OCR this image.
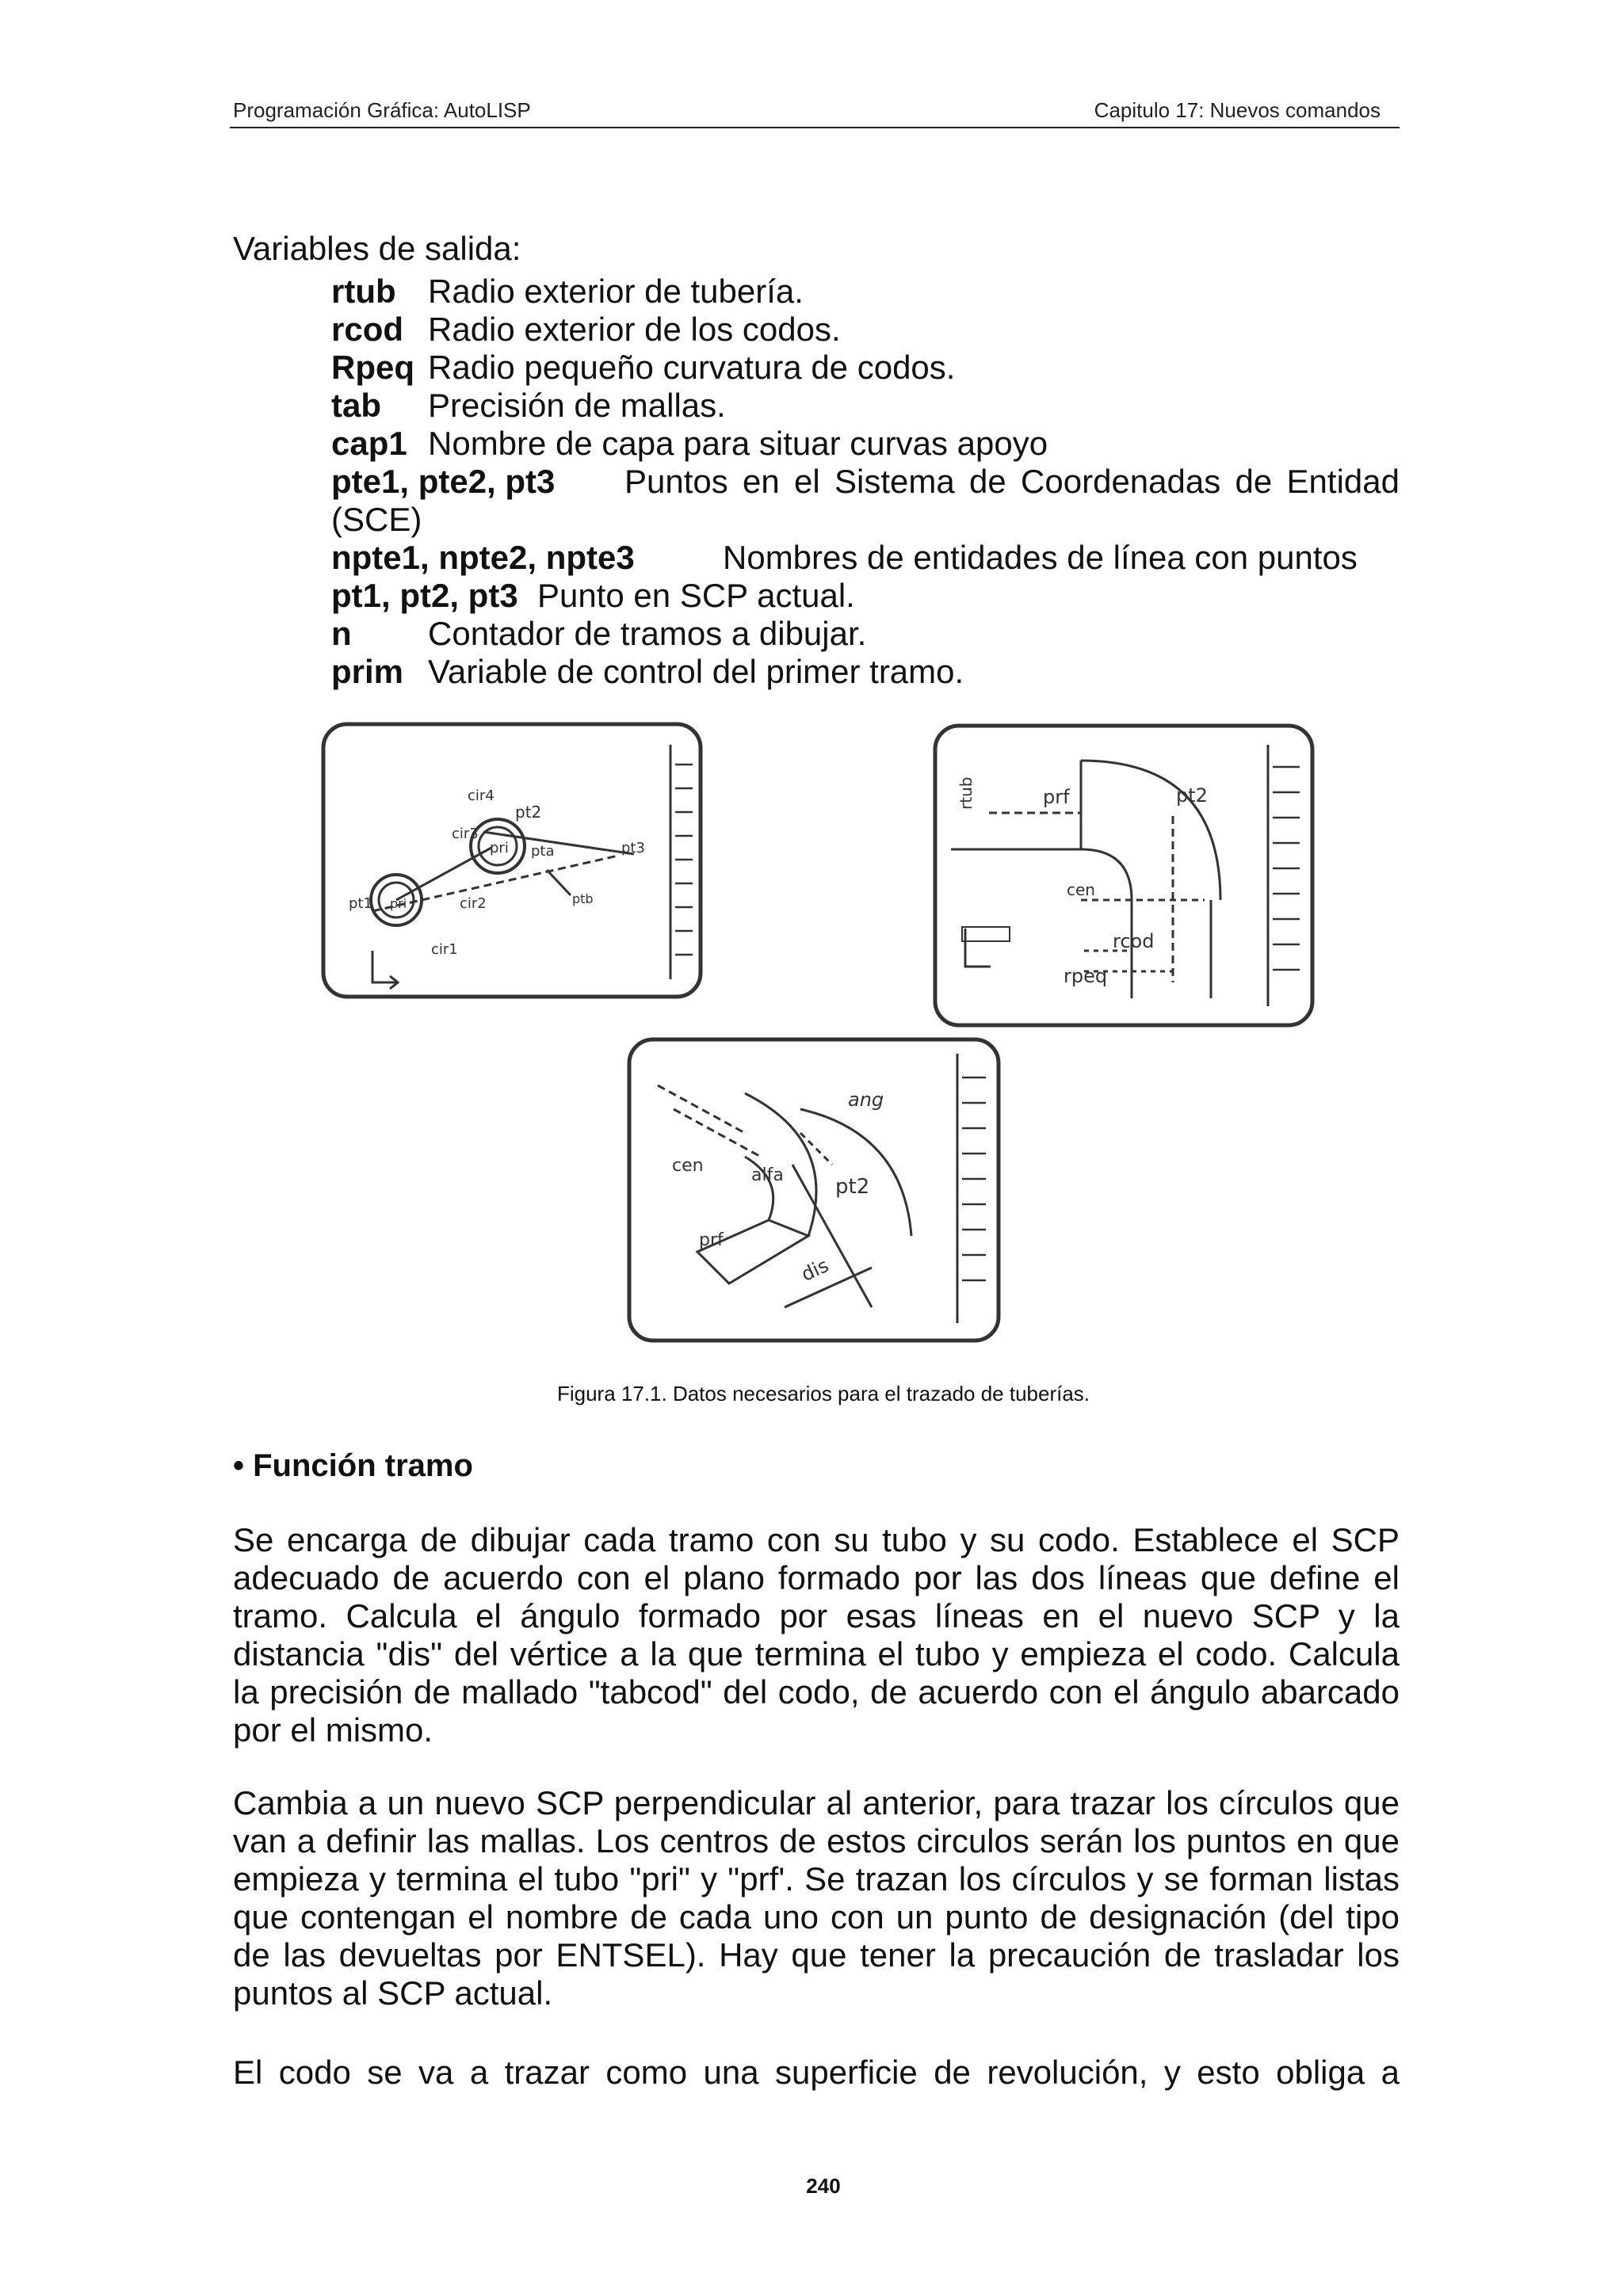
Programación Gráfica: AutoLISP	Capitulo 17: Nuevos comandos
Variables de salida:
rtub Radio exterior de tubería.
rcod Radio exterior de los codos.
Rpeq Radio pequeño curvatura de codos.
tab Precisión de mallas.
cap1 Nombre de capa para situar curvas apoyo
pte1, pte2, pt3 Puntos en el Sistema de Coordenadas de Entidad
(SCE)
npte1, npte2, npte3	Nombres de entidades de línea con puntos
pt1, pt2, pt3 Punto en SCP actual.
n Contador de tramos a dibujar.
prim Variable de control del primer tramo.
cir4
pt2
cir3
pri pta	pt3
pt1 pri	cir2
cir1
ptb
rtub	prf	pt2
cen
rcod
rpeq
ang
cen	alfa	pt2
prf
dis
Figura 17.1. Datos necesarios para el trazado de tuberías.
• Función tramo
Se encarga de dibujar cada tramo con su tubo y su codo. Establece el SCP adecuado de acuerdo con el plano formado por las dos líneas que define el tramo. Calcula el ángulo formado por esas líneas en el nuevo SCP y la distancia "dis" del vértice a la que termina el tubo y empieza el codo. Calcula la precisión de mallado "tabcod" del codo, de acuerdo con el ángulo abarcado por el mismo.
Cambia a un nuevo SCP perpendicular al anterior, para trazar los círculos que van a definir las mallas. Los centros de estos circulos serán los puntos en que empieza y termina el tubo "pri" y "prf'. Se trazan los círculos y se forman listas que contengan el nombre de cada uno con un punto de designación (del tipo de las devueltas por ENTSEL). Hay que tener la precaución de trasladar los puntos al SCP actual.
El codo se va a trazar como una superficie de revolución, y esto obliga a
240
